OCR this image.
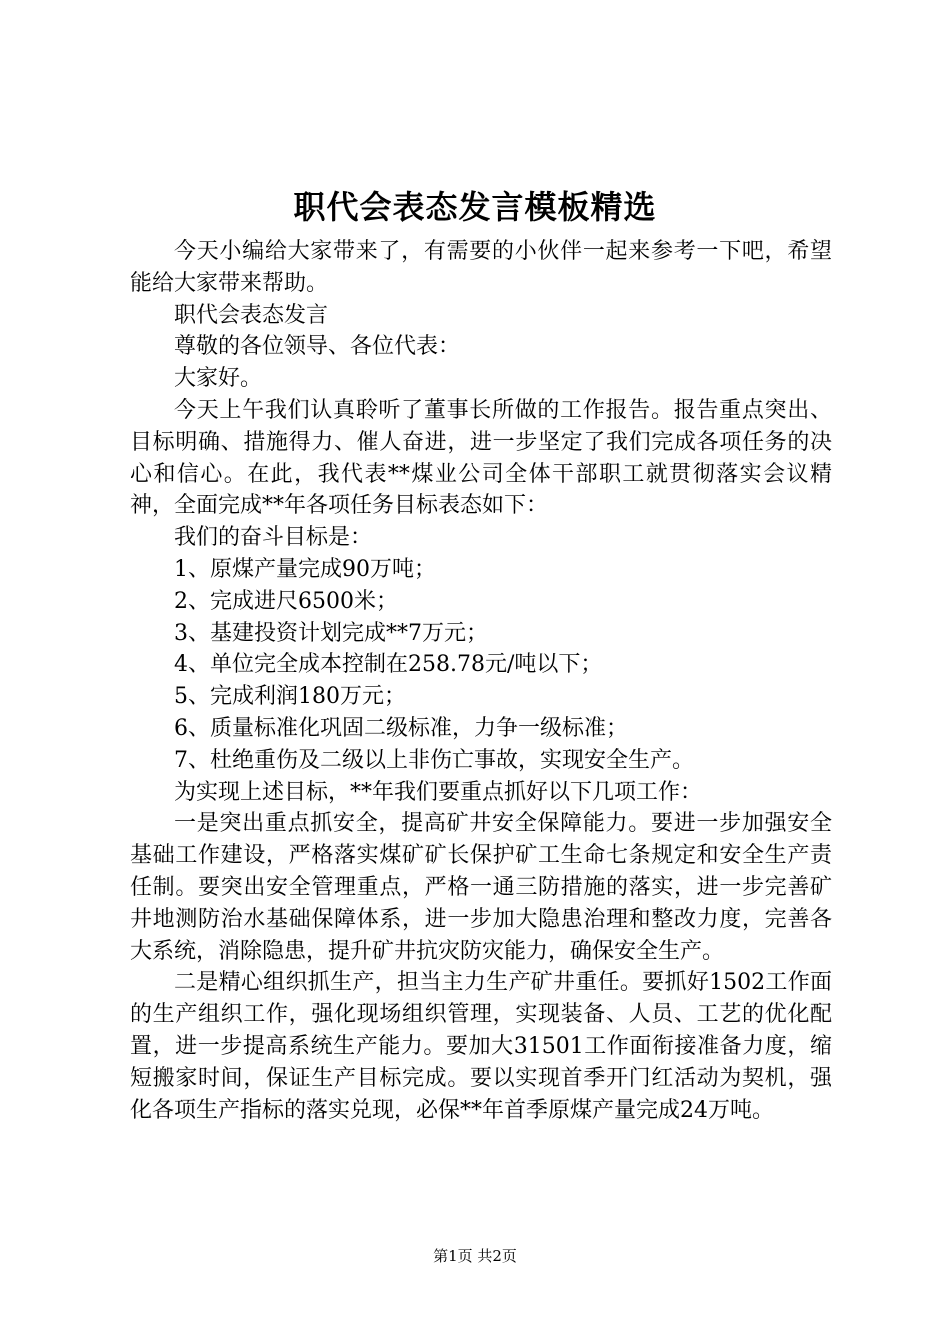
职代会表态发言模板精选

今天小编给大家带来了，有需要的小伙伴一起来参考一下吧，希望能给大家带来帮助。

职代会表态发言

尊敬的各位领导、各位代表：

大家好。

今天上午我们认真聆听了董事长所做的工作报告。报告重点突出、目标明确、措施得力、催人奋进，进一步坚定了我们完成各项任务的决心和信心。在此，我代表**煤业公司全体干部职工就贯彻落实会议精神，全面完成**年各项任务目标表态如下：

我们的奋斗目标是：

1、原煤产量完成90万吨；

2、完成进尺6500米；

3、基建投资计划完成**7万元；

4、单位完全成本控制在258.78元/吨以下；

5、完成利润180万元；

6、质量标准化巩固二级标准，力争一级标准；

7、杜绝重伤及二级以上非伤亡事故，实现安全生产。

为实现上述目标，**年我们要重点抓好以下几项工作：

一是突出重点抓安全，提高矿井安全保障能力。要进一步加强安全基础工作建设，严格落实煤矿矿长保护矿工生命七条规定和安全生产责任制。要突出安全管理重点，严格一通三防措施的落实，进一步完善矿井地测防治水基础保障体系，进一步加大隐患治理和整改力度，完善各大系统，消除隐患，提升矿井抗灾防灾能力，确保安全生产。

二是精心组织抓生产，担当主力生产矿井重任。要抓好1502工作面的生产组织工作，强化现场组织管理，实现装备、人员、工艺的优化配置，进一步提高系统生产能力。要加大31501工作面衔接准备力度，缩短搬家时间，保证生产目标完成。要以实现首季开门红活动为契机，强化各项生产指标的落实兑现，必保**年首季原煤产量完成24万吨。

第1页 共2页
